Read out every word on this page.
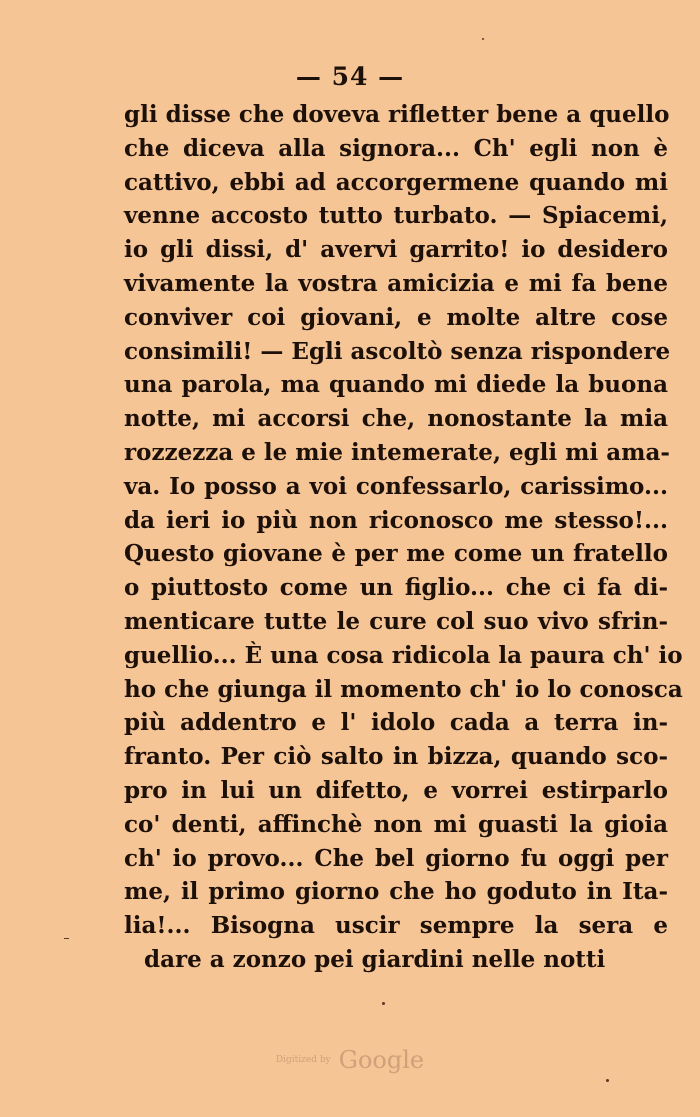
— 54 —
gli disse che doveva rifletter bene a quello
che diceva alla signora... Ch' egli non è
cattivo, ebbi ad accorgermene quando mi
venne accosto tutto turbato. — Spiacemi,
io gli dissi, d' avervi garrito! io desidero
vivamente la vostra amicizia e mi fa bene
conviver coi giovani, e molte altre cose
consimili! — Egli ascoltò senza rispondere
una parola, ma quando mi diede la buona
notte, mi accorsi che, nonostante la mia
rozzezza e le mie intemerate, egli mi ama-
va. Io posso a voi confessarlo, carissimo...
da ieri io più non riconosco me stesso!...
Questo giovane è per me come un fratello
o piuttosto come un figlio... che ci fa di-
menticare tutte le cure col suo vivo sfrin-
guellio... È una cosa ridicola la paura ch' io
ho che giunga il momento ch' io lo conosca
più addentro e l' idolo cada a terra in-
franto. Per ciò salto in bizza, quando sco-
pro in lui un difetto, e vorrei estirparlo
co' denti, affinchè non mi guasti la gioia
ch' io provo... Che bel giorno fu oggi per
me, il primo giorno che ho goduto in Ita-
lia!... Bisogna uscir sempre la sera e
dare a zonzo pei giardini nelle notti
Digitized by Google
